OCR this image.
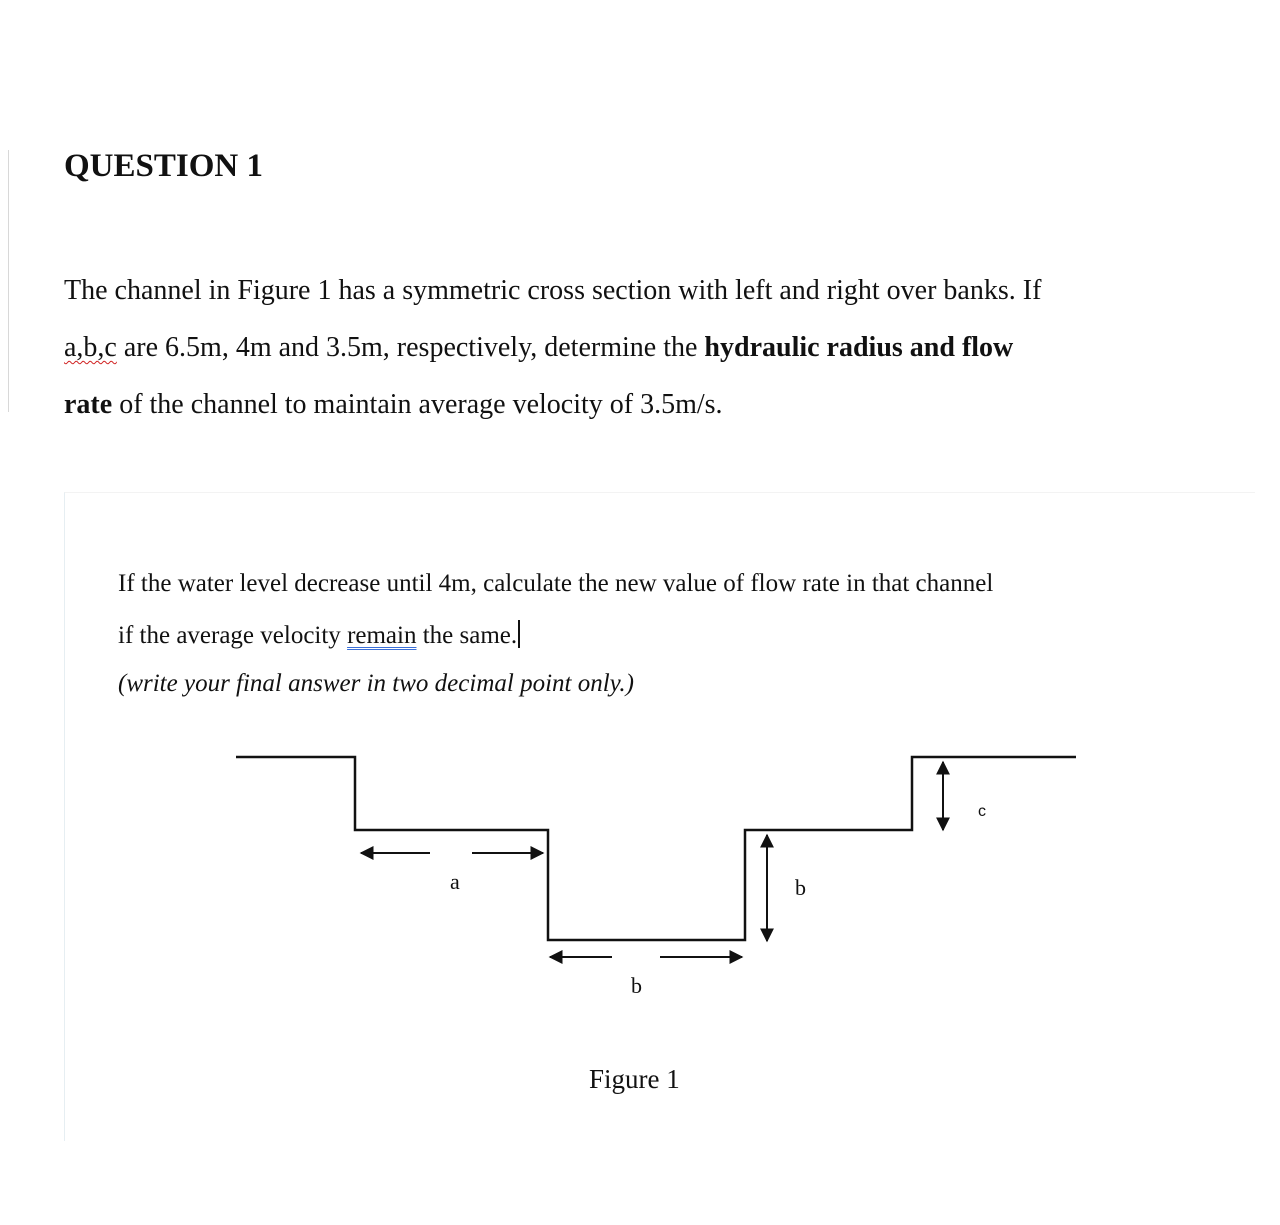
QUESTION 1
The channel in Figure 1 has a symmetric cross section with left and right over banks. If
a,b,c are 6.5m, 4m and 3.5m, respectively, determine the hydraulic radius and flow
rate of the channel to maintain average velocity of 3.5m/s.
If the water level decrease until 4m, calculate the new value of flow rate in that channel
if the average velocity remain the same.
(write your final answer in two decimal point only.)
a
b
b
c
Figure 1
